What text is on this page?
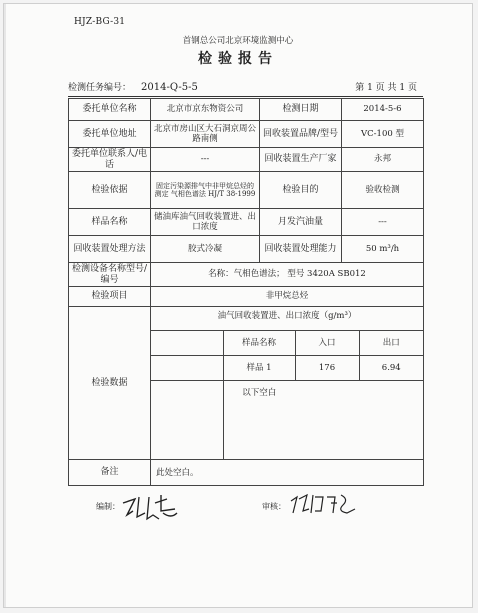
HJZ-BG-31
首钢总公司北京环境监测中心
检验报告
检测任务编号： 2014-Q-5-5	第 1 页 共 1 页
委托单位名称	北京市京东物资公司	检测日期	2014-5-6
委托单位地址	北京市房山区大石洞京周公路南侧	回收装置品牌/型号	VC-100 型
委托单位联系人/电话	---	回收装置生产厂家	永邦
检验依据	固定污染源排气中非甲烷总烃的测定 气相色谱法 HJ/T 38-1999	检验目的	验收检测
样品名称	储油库油气回收装置进、出口浓度	月发汽油量	---
回收装置处理方法	胶式冷凝	回收装置处理能力	50 m³/h
检测设备名称型号/编号	名称：气相色谱法； 型号 3420A SB012
检验项目	非甲烷总烃
检验数据	
油气回收装置进、出口浓度（g/m³）
	样品名称	入口	出口
	样品 1	176	6.94
	以下空白		

备注	此处空白。
编制：	审核：
